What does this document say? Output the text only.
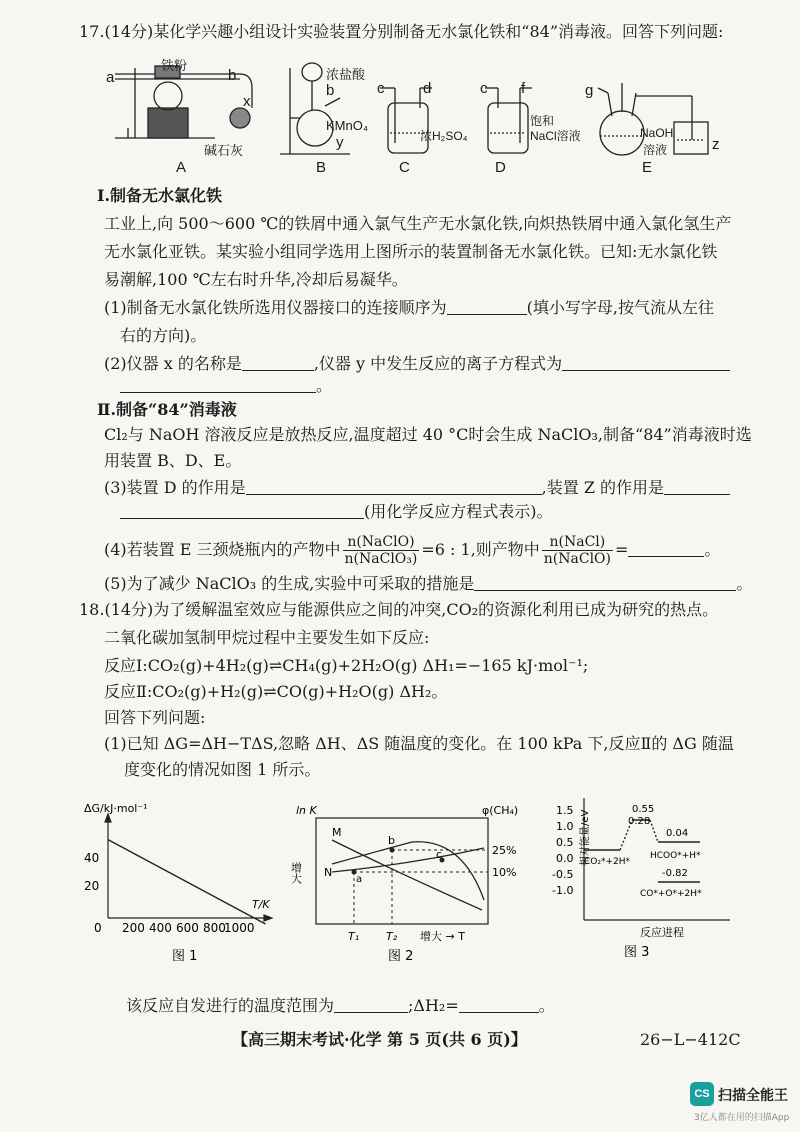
17.(14分)某化学兴趣小组设计实验装置分别制备无水氯化铁和“84”消毒液。回答下列问题:
a
铁粉
b
x
碱石灰
A
浓盐酸
b
KMnO₄
y
B
c	d
浓H₂SO₄
C
c f
饱和
NaCl溶液
D
g
NaOH
溶液	z
E
Ⅰ.制备无水氯化铁
工业上,向 500～600 ℃的铁屑中通入氯气生产无水氯化铁,向炽热铁屑中通入氯化氢生产
无水氯化亚铁。某实验小组同学选用上图所示的装置制备无水氯化铁。已知:无水氯化铁
易潮解,100 ℃左右时升华,冷却后易凝华。
(1)制备无水氯化铁所选用仪器接口的连接顺序为	(填小写字母,按气流从左往
右的方向)。
(2)仪器 x 的名称是	,仪器 y 中发生反应的离子方程式为
。
Ⅱ.制备“84”消毒液
Cl₂与 NaOH 溶液反应是放热反应,温度超过 40 °C时会生成 NaClO₃,制备“84”消毒液时选
用装置 B、D、E。
(3)装置 D 的作用是	,装置 Z 的作用是
(用化学反应方程式表示)。
(4)若装置 E 三颈烧瓶内的产物中 $\frac{\text{n(NaClO)}}{\text{n(NaClO₃)}} =6$ : 1,则产物中 $\frac{\text{n(NaCl)}}{\text{n(NaClO)}}$ =	。
(5)为了减少 NaClO₃ 的生成,实验中可采取的措施是	。
18.(14分)为了缓解温室效应与能源供应之间的冲突,CO₂的资源化利用已成为研究的热点。
二氧化碳加氢制甲烷过程中主要发生如下反应:
反应Ⅰ:CO₂(g)+4H₂(g)⇌CH₄(g)+2H₂O(g) ΔH₁=−165 kJ·mol⁻¹;
反应Ⅱ:CO₂(g)+H₂(g)⇌CO(g)+H₂O(g) ΔH₂。
回答下列问题:
(1)已知 ΔG=ΔH−TΔS,忽略 ΔH、ΔS 随温度的变化。在 100 kPa 下,反应Ⅱ的 ΔG 随温
度变化的情况如图 1 所示。
ΔG/kJ·mol⁻¹
T/K
40
20
0 200 400 600 800
1000
图 1
ln K	φ(CH₄)
增大
25%
10%
M
N
a
b
c
T₁ T₂ 增大 → T
图 2
1.5
1.0
0.5
0.0
-0.5
-1.0
相对能量/eV
0.55
0.28
0.04
-0.82
CO₂*+2H*
HCOO*+H*
CO*+O*+2H*
反应进程
图 3
该反应自发进行的温度范围为	;ΔH₂=	。
【高三期末考试·化学 第 5 页(共 6 页)】	26−L−412C
CS 扫描全能王
3亿人都在用的扫描App
